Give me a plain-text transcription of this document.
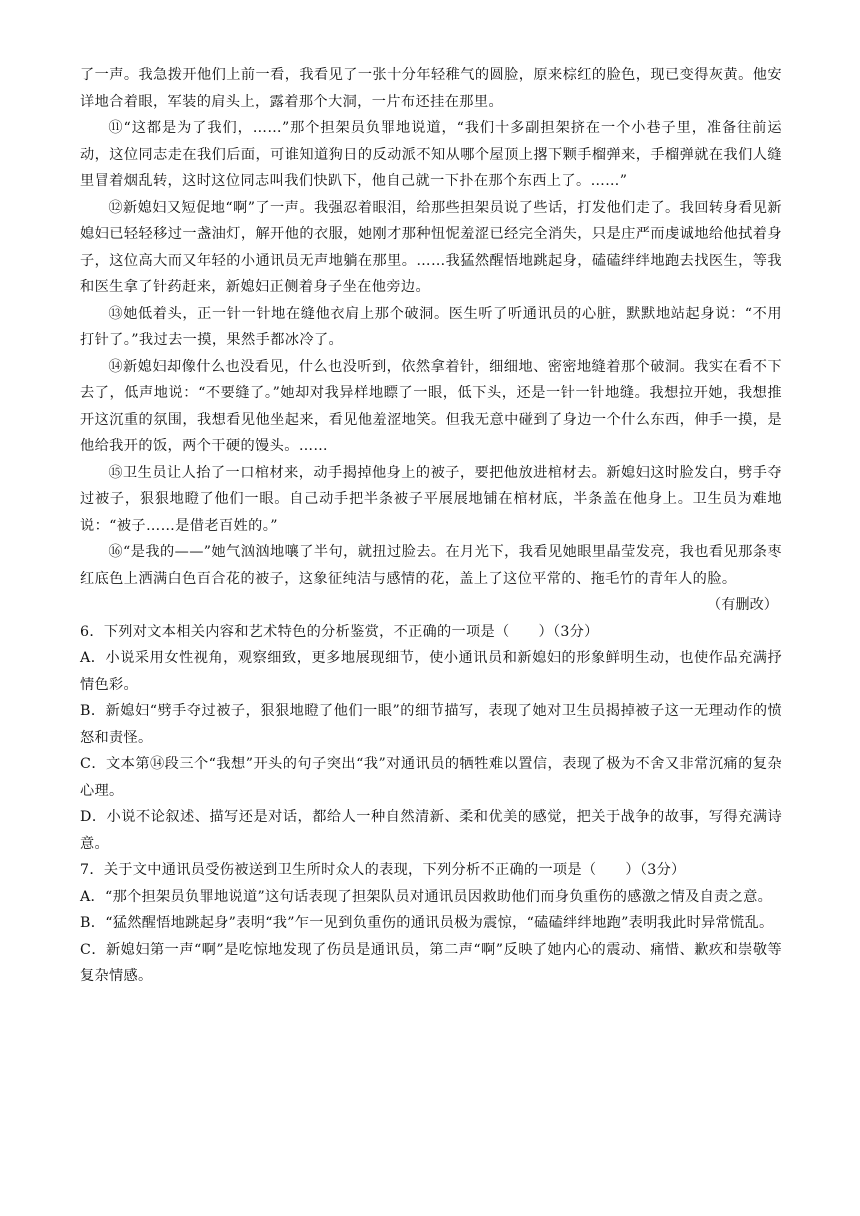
了一声。我急拨开他们上前一看，我看见了一张十分年轻稚气的圆脸，原来棕红的脸色，现已变得灰黄。他安详地合着眼，军装的肩头上，露着那个大洞，一片布还挂在那里。

⑪“这都是为了我们，……”那个担架员负罪地说道，“我们十多副担架挤在一个小巷子里，准备往前运动，这位同志走在我们后面，可谁知道狗日的反动派不知从哪个屋顶上撂下颗手榴弹来，手榴弹就在我们人缝里冒着烟乱转，这时这位同志叫我们快趴下，他自己就一下扑在那个东西上了。……”

⑫新媳妇又短促地“啊”了一声。我强忍着眼泪，给那些担架员说了些话，打发他们走了。我回转身看见新媳妇已轻轻移过一盏油灯，解开他的衣服，她刚才那种忸怩羞涩已经完全消失，只是庄严而虔诚地给他拭着身子，这位高大而又年轻的小通讯员无声地躺在那里。……我猛然醒悟地跳起身，磕磕绊绊地跑去找医生，等我和医生拿了针药赶来，新媳妇正侧着身子坐在他旁边。

⑬她低着头，正一针一针地在缝他衣肩上那个破洞。医生听了听通讯员的心脏，默默地站起身说：“不用打针了。”我过去一摸，果然手都冰冷了。

⑭新媳妇却像什么也没看见，什么也没听到，依然拿着针，细细地、密密地缝着那个破洞。我实在看不下去了，低声地说：“不要缝了。”她却对我异样地瞟了一眼，低下头，还是一针一针地缝。我想拉开她，我想推开这沉重的氛围，我想看见他坐起来，看见他羞涩地笑。但我无意中碰到了身边一个什么东西，伸手一摸，是他给我开的饭，两个干硬的馒头。……

⑮卫生员让人抬了一口棺材来，动手揭掉他身上的被子，要把他放进棺材去。新媳妇这时脸发白，劈手夺过被子，狠狠地瞪了他们一眼。自己动手把半条被子平展展地铺在棺材底，半条盖在他身上。卫生员为难地说：“被子……是借老百姓的。”

⑯“是我的——”她气汹汹地嚷了半句，就扭过脸去。在月光下，我看见她眼里晶莹发亮，我也看见那条枣红底色上洒满白色百合花的被子，这象征纯洁与感情的花，盖上了这位平常的、拖毛竹的青年人的脸。

（有删改）

6．下列对文本相关内容和艺术特色的分析鉴赏，不正确的一项是（　　）（3分）

A．小说采用女性视角，观察细致，更多地展现细节，使小通讯员和新媳妇的形象鲜明生动，也使作品充满抒情色彩。

B．新媳妇“劈手夺过被子，狠狠地瞪了他们一眼”的细节描写，表现了她对卫生员揭掉被子这一无理动作的愤怒和责怪。

C．文本第⑭段三个“我想”开头的句子突出“我”对通讯员的牺牲难以置信，表现了极为不舍又非常沉痛的复杂心理。

D．小说不论叙述、描写还是对话，都给人一种自然清新、柔和优美的感觉，把关于战争的故事，写得充满诗意。

7．关于文中通讯员受伤被送到卫生所时众人的表现，下列分析不正确的一项是（　　）（3分）

A．“那个担架员负罪地说道”这句话表现了担架队员对通讯员因救助他们而身负重伤的感激之情及自责之意。

B．“猛然醒悟地跳起身”表明“我”乍一见到负重伤的通讯员极为震惊，“磕磕绊绊地跑”表明我此时异常慌乱。

C．新媳妇第一声“啊”是吃惊地发现了伤员是通讯员，第二声“啊”反映了她内心的震动、痛惜、歉疚和崇敬等复杂情感。
